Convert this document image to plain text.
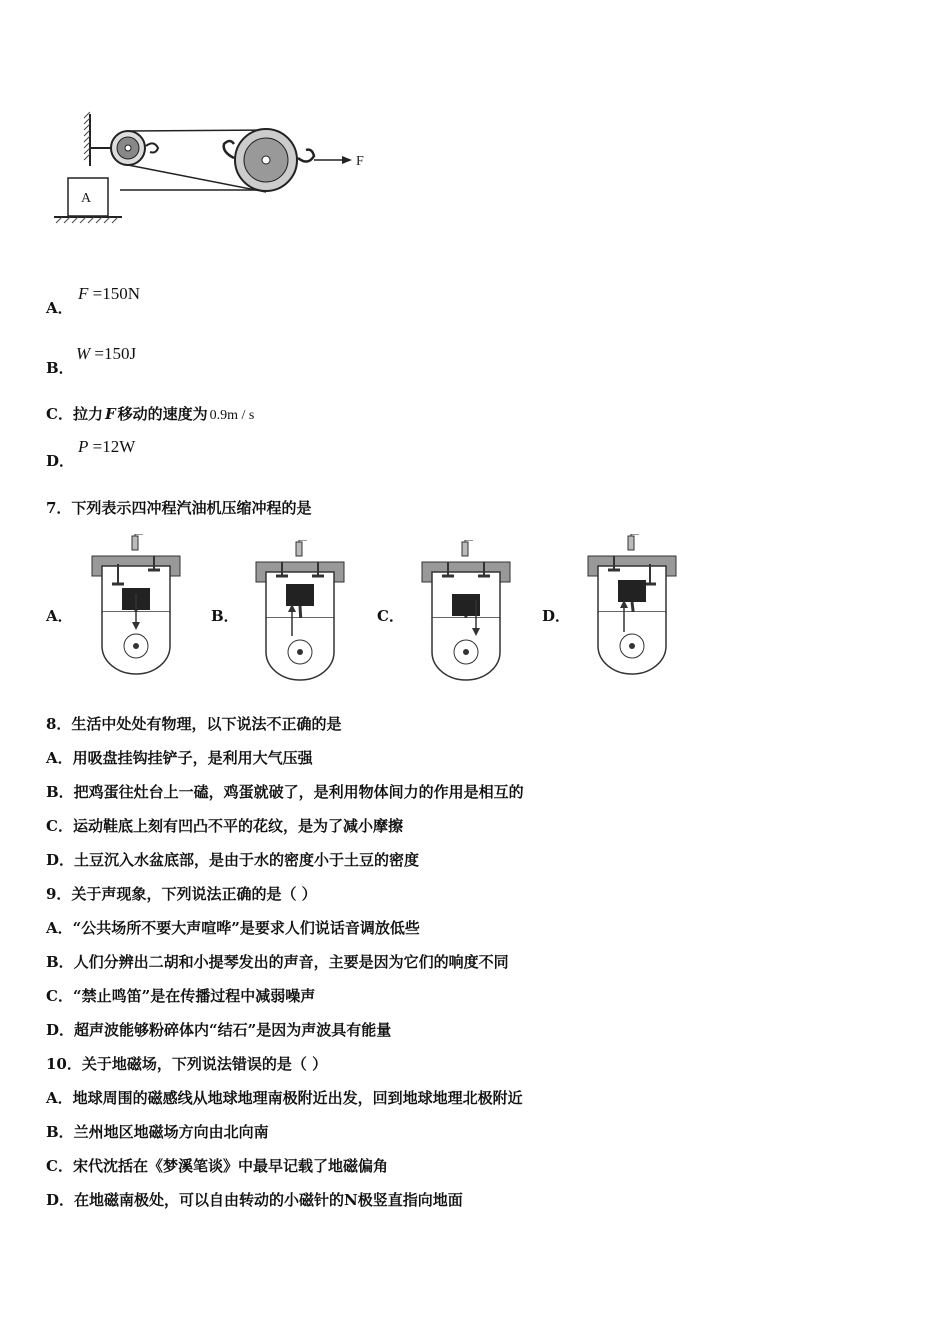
F
A
A．
F =150N
B．
W =150J
C．拉力 F 移动的速度为 0.9m / s
D．
P =12W
7．下列表示四冲程汽油机压缩冲程的是
A．	B．	C．	D．
8．生活中处处有物理，以下说法不正确的是
A．用吸盘挂钩挂铲子，是利用大气压强
B．把鸡蛋往灶台上一磕，鸡蛋就破了，是利用物体间力的作用是相互的
C．运动鞋底上刻有凹凸不平的花纹，是为了减小摩擦
D．土豆沉入水盆底部，是由于水的密度小于土豆的密度
9．关于声现象，下列说法正确的是（ ）
A．“公共场所不要大声喧哗”是要求人们说话音调放低些
B．人们分辨出二胡和小提琴发出的声音，主要是因为它们的响度不同
C．“禁止鸣笛”是在传播过程中减弱噪声
D．超声波能够粉碎体内“结石”是因为声波具有能量
10．关于地磁场，下列说法错误的是（ ）
A．地球周围的磁感线从地球地理南极附近出发，回到地球地理北极附近
B．兰州地区地磁场方向由北向南
C．宋代沈括在《梦溪笔谈》中最早记载了地磁偏角
D．在地磁南极处，可以自由转动的小磁针的N极竖直指向地面
